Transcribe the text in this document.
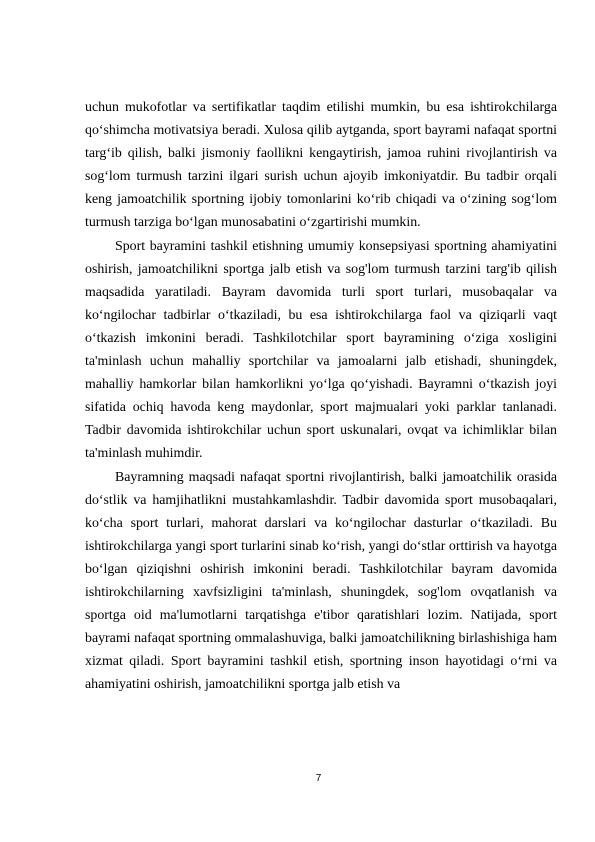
uchun mukofotlar va sertifikatlar taqdim etilishi mumkin, bu esa ishtirokchilarga qo‘shimcha motivatsiya beradi. Xulosa qilib aytganda, sport bayrami nafaqat sportni targ‘ib qilish, balki jismoniy faollikni kengaytirish, jamoa ruhini rivojlantirish va sog‘lom turmush tarzini ilgari surish uchun ajoyib imkoniyatdir. Bu tadbir orqali keng jamoatchilik sportning ijobiy tomonlarini ko‘rib chiqadi va o‘zining sog‘lom turmush tarziga bo‘lgan munosabatini o‘zgartirishi mumkin.

Sport bayramini tashkil etishning umumiy konsepsiyasi sportning ahamiyatini oshirish, jamoatchilikni sportga jalb etish va sog'lom turmush tarzini targ'ib qilish maqsadida yaratiladi. Bayram davomida turli sport turlari, musobaqalar va ko‘ngilochar tadbirlar o‘tkaziladi, bu esa ishtirokchilarga faol va qiziqarli vaqt o‘tkazish imkonini beradi. Tashkilotchilar sport bayramining o‘ziga xosligini ta'minlash uchun mahalliy sportchilar va jamoalarni jalb etishadi, shuningdek, mahalliy hamkorlar bilan hamkorlikni yo‘lga qo‘yishadi. Bayramni o‘tkazish joyi sifatida ochiq havoda keng maydonlar, sport majmualari yoki parklar tanlanadi. Tadbir davomida ishtirokchilar uchun sport uskunalari, ovqat va ichimliklar bilan ta'minlash muhimdir.

Bayramning maqsadi nafaqat sportni rivojlantirish, balki jamoatchilik orasida do‘stlik va hamjihatlikni mustahkamlashdir. Tadbir davomida sport musobaqalari, ko‘cha sport turlari, mahorat darslari va ko‘ngilochar dasturlar o‘tkaziladi. Bu ishtirokchilarga yangi sport turlarini sinab ko‘rish, yangi do‘stlar orttirish va hayotga bo‘lgan qiziqishni oshirish imkonini beradi. Tashkilotchilar bayram davomida ishtirokchilarning xavfsizligini ta'minlash, shuningdek, sog'lom ovqatlanish va sportga oid ma'lumotlarni tarqatishga e'tibor qaratishlari lozim. Natijada, sport bayrami nafaqat sportning ommalashuviga, balki jamoatchilikning birlashishiga ham xizmat qiladi. Sport bayramini tashkil etish, sportning inson hayotidagi o‘rni va ahamiyatini oshirish, jamoatchilikni sportga jalb etish va

7
